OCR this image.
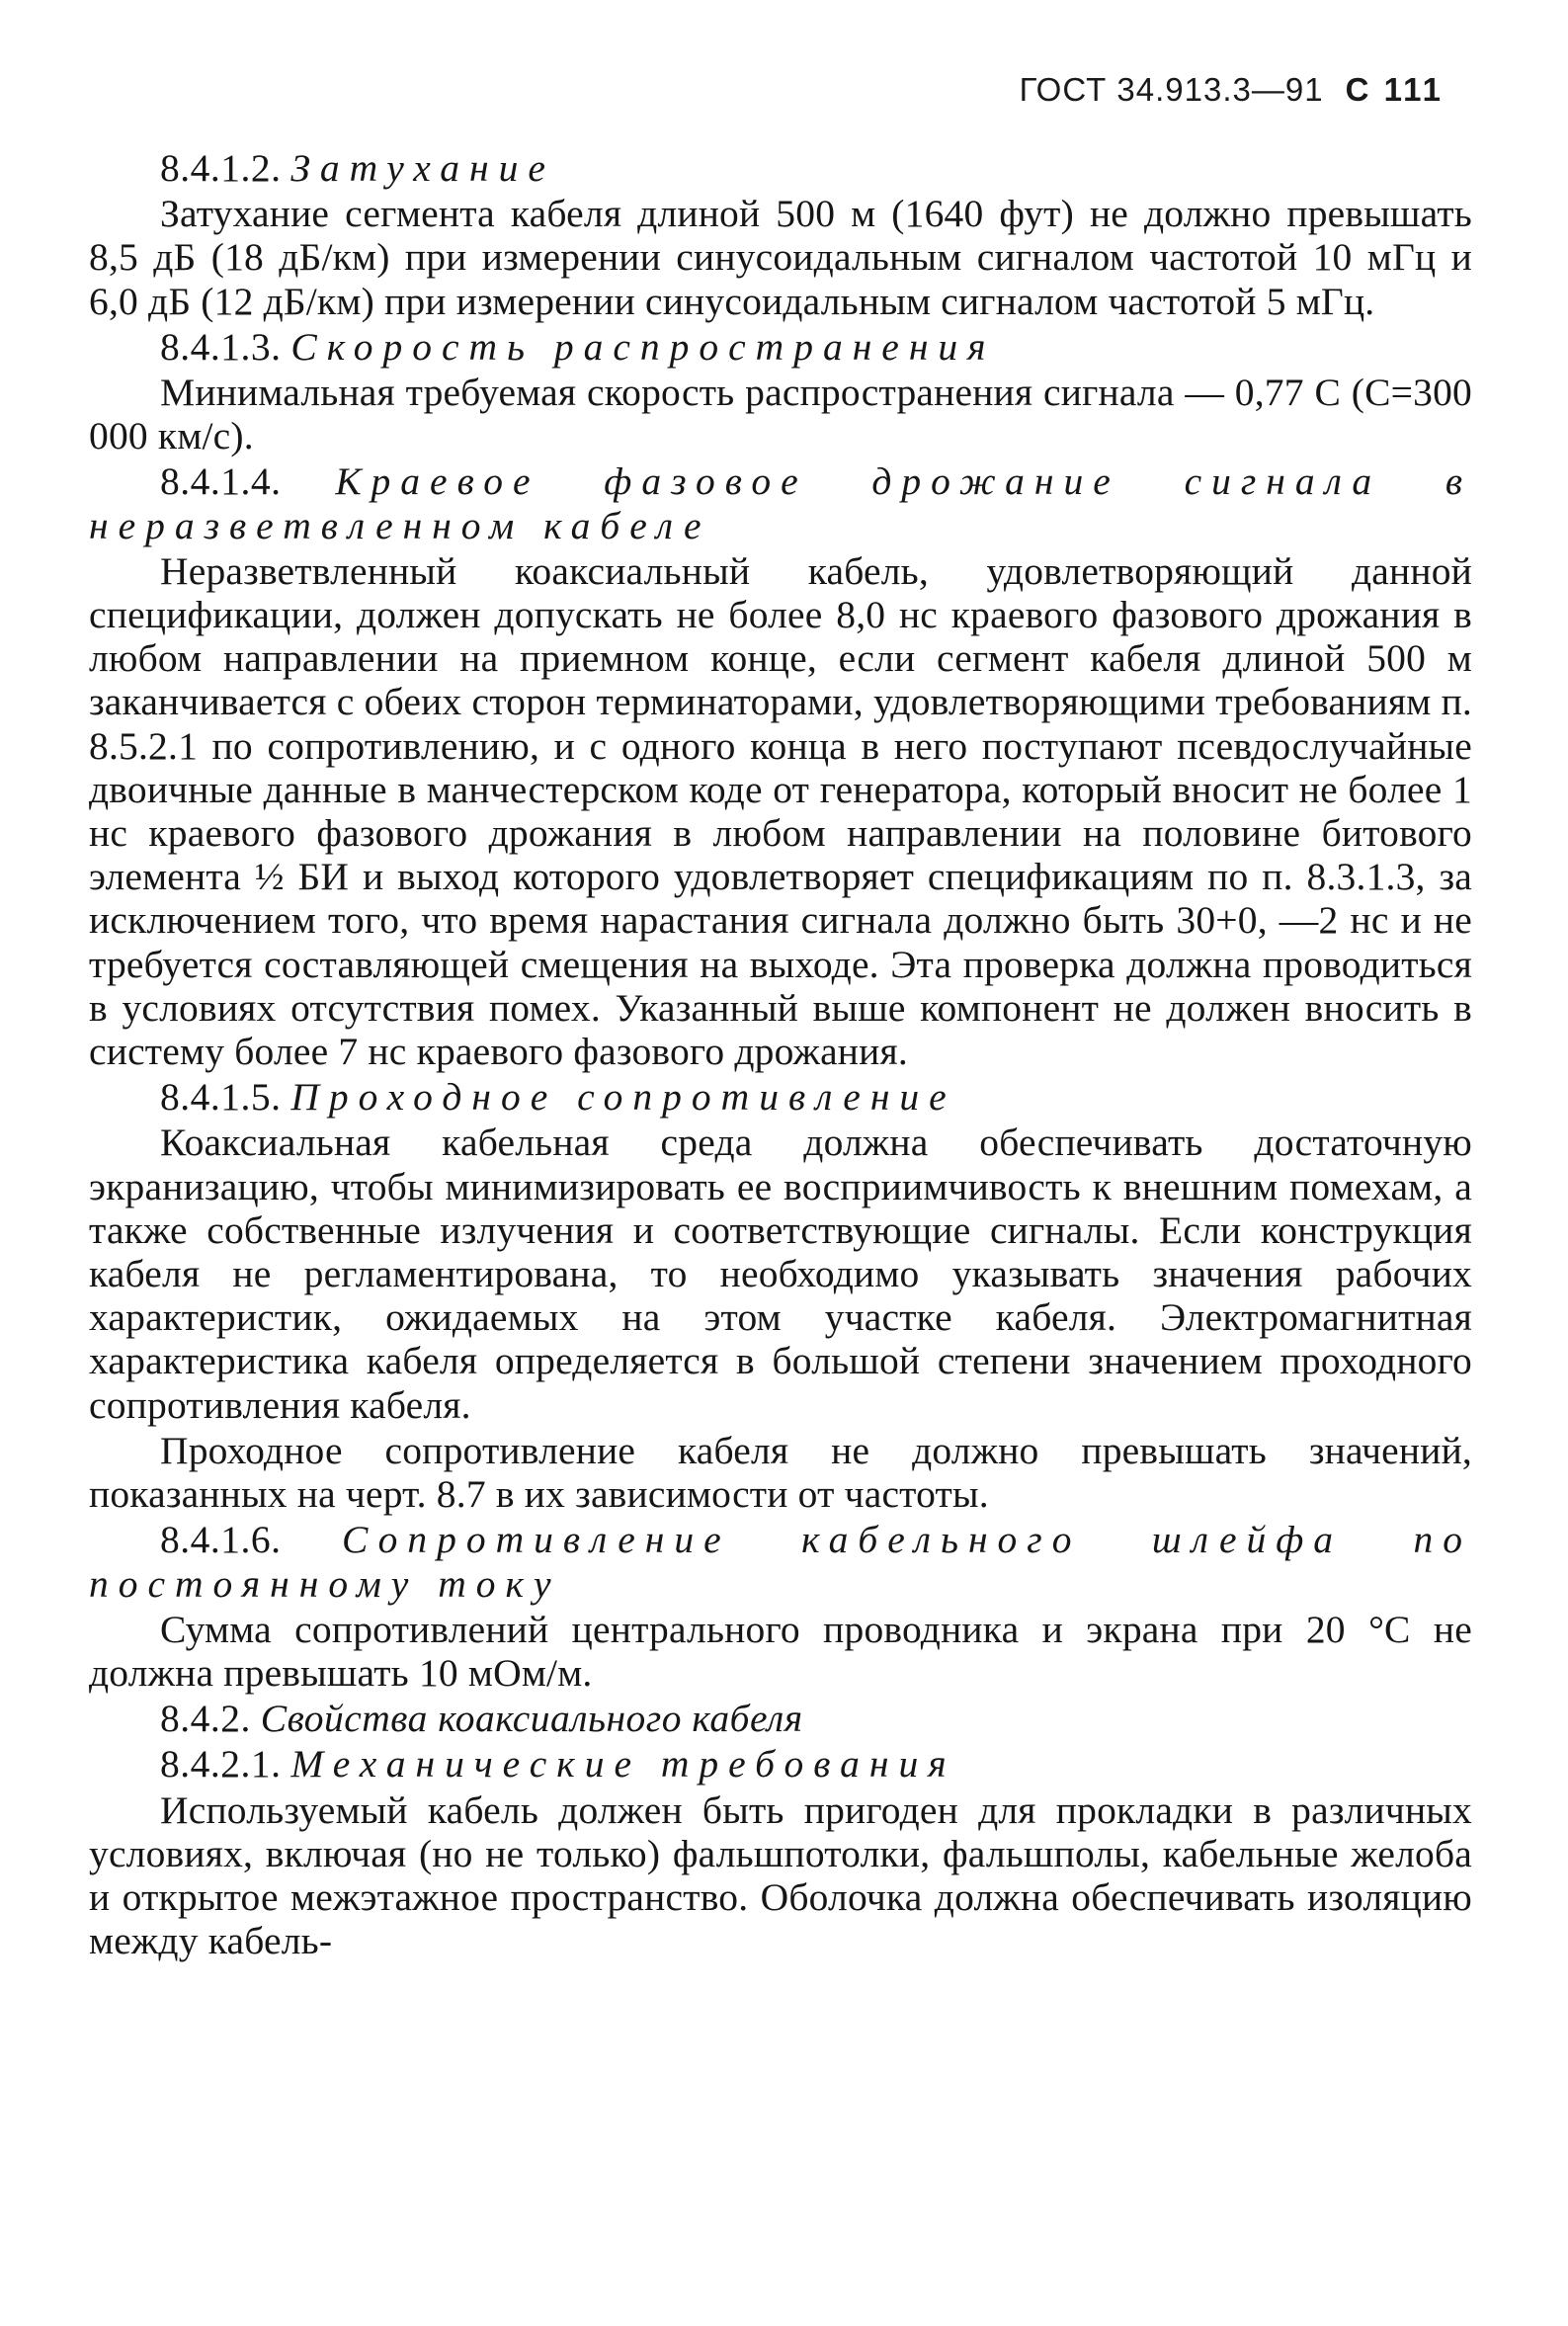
ГОСТ 34.913.3—91 С 111
8.4.1.2. Затухание

Затухание сегмента кабеля длиной 500 м (1640 фут) не должно превышать 8,5 дБ (18 дБ/км) при измерении синусоидальным сигналом частотой 10 мГц и 6,0 дБ (12 дБ/км) при измерении синусоидальным сигналом частотой 5 мГц.

8.4.1.3. Скорость распространения

Минимальная требуемая скорость распространения сигнала — 0,77 С (С=300 000 км/с).

8.4.1.4. Краевое фазовое дрожание сигнала в неразветвленном кабеле

Неразветвленный коаксиальный кабель, удовлетворяющий данной спецификации, должен допускать не более 8,0 нс краевого фазового дрожания в любом направлении на приемном конце, если сегмент кабеля длиной 500 м заканчивается с обеих сторон терминаторами, удовлетворяющими требованиям п. 8.5.2.1 по сопротивлению, и с одного конца в него поступают псевдослучайные двоичные данные в манчестерском коде от генератора, который вносит не более 1 нс краевого фазового дрожания в любом направлении на половине битового элемента ½ БИ и выход которого удовлетворяет спецификациям по п. 8.3.1.3, за исключением того, что время нарастания сигнала должно быть 30+0, —2 нс и не требуется составляющей смещения на выходе. Эта проверка должна проводиться в условиях отсутствия помех. Указанный выше компонент не должен вносить в систему более 7 нс краевого фазового дрожания.

8.4.1.5. Проходное сопротивление

Коаксиальная кабельная среда должна обеспечивать достаточную экранизацию, чтобы минимизировать ее восприимчивость к внешним помехам, а также собственные излучения и соответствующие сигналы. Если конструкция кабеля не регламентирована, то необходимо указывать значения рабочих характеристик, ожидаемых на этом участке кабеля. Электромагнитная характеристика кабеля определяется в большой степени значением проходного сопротивления кабеля.

Проходное сопротивление кабеля не должно превышать значений, показанных на черт. 8.7 в их зависимости от частоты.

8.4.1.6. Сопротивление кабельного шлейфа по постоянному току

Сумма сопротивлений центрального проводника и экрана при 20 °С не должна превышать 10 мОм/м.

8.4.2. Свойства коаксиального кабеля
8.4.2.1. Механические требования

Используемый кабель должен быть пригоден для прокладки в различных условиях, включая (но не только) фальшпотолки, фальшполы, кабельные желоба и открытое межэтажное пространство. Оболочка должна обеспечивать изоляцию между кабель-
